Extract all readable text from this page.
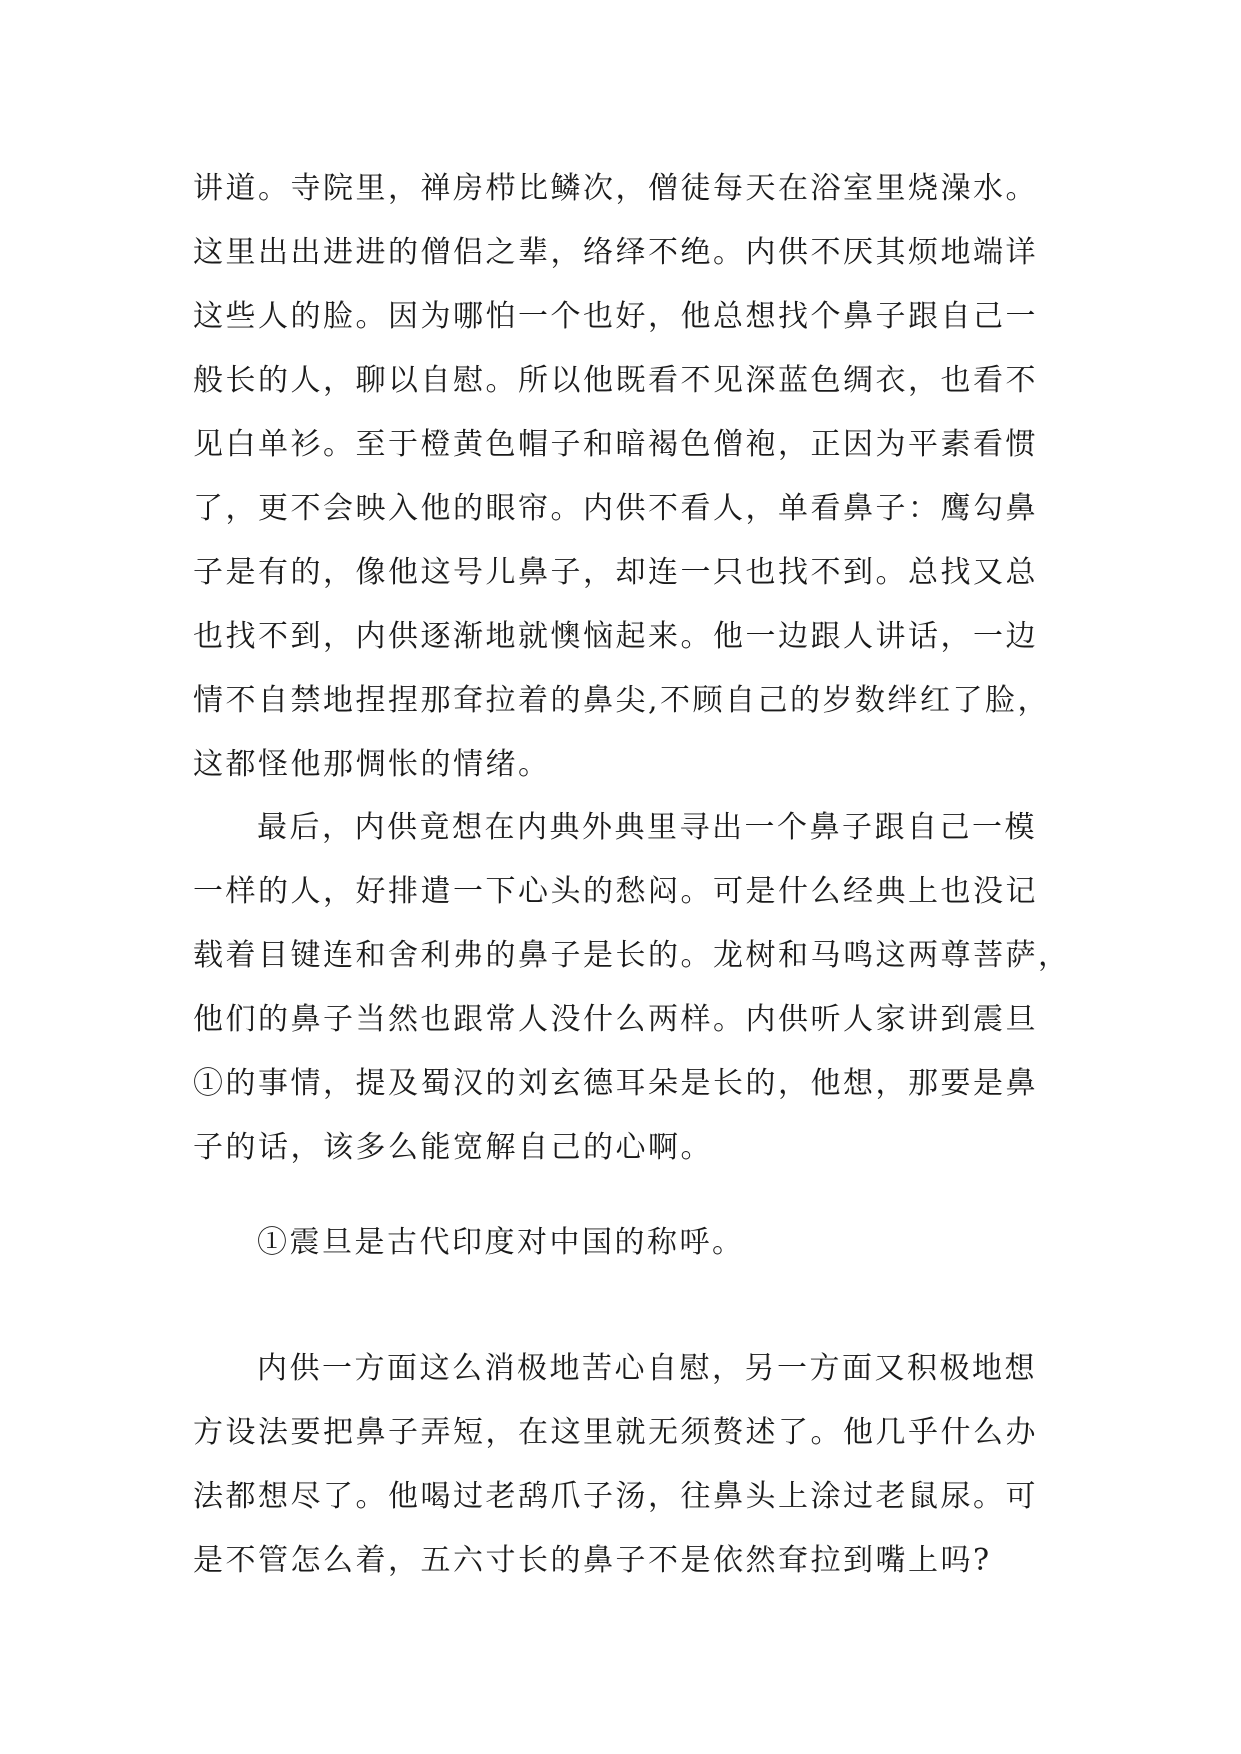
讲道。寺院里，禅房栉比鳞次，僧徒每天在浴室里烧澡水。
这里出出进进的僧侣之辈，络绎不绝。内供不厌其烦地端详
这些人的脸。因为哪怕一个也好，他总想找个鼻子跟自己一
般长的人，聊以自慰。所以他既看不见深蓝色绸衣，也看不
见白单衫。至于橙黄色帽子和暗褐色僧袍，正因为平素看惯
了，更不会映入他的眼帘。内供不看人，单看鼻子：鹰勾鼻
子是有的，像他这号儿鼻子，却连一只也找不到。总找又总
也找不到，内供逐渐地就懊恼起来。他一边跟人讲话，一边
情不自禁地捏捏那耷拉着的鼻尖,不顾自己的岁数绊红了脸，
这都怪他那惆怅的情绪。
最后，内供竟想在内典外典里寻出一个鼻子跟自己一模
一样的人，好排遣一下心头的愁闷。可是什么经典上也没记
载着目键连和舍利弗的鼻子是长的。龙树和马鸣这两尊菩萨，
他们的鼻子当然也跟常人没什么两样。内供听人家讲到震旦
①的事情，提及蜀汉的刘玄德耳朵是长的，他想，那要是鼻
子的话，该多么能宽解自己的心啊。
①震旦是古代印度对中国的称呼。
内供一方面这么消极地苦心自慰，另一方面又积极地想
方设法要把鼻子弄短，在这里就无须赘述了。他几乎什么办
法都想尽了。他喝过老鸹爪子汤，往鼻头上涂过老鼠尿。可
是不管怎么着，五六寸长的鼻子不是依然耷拉到嘴上吗?
